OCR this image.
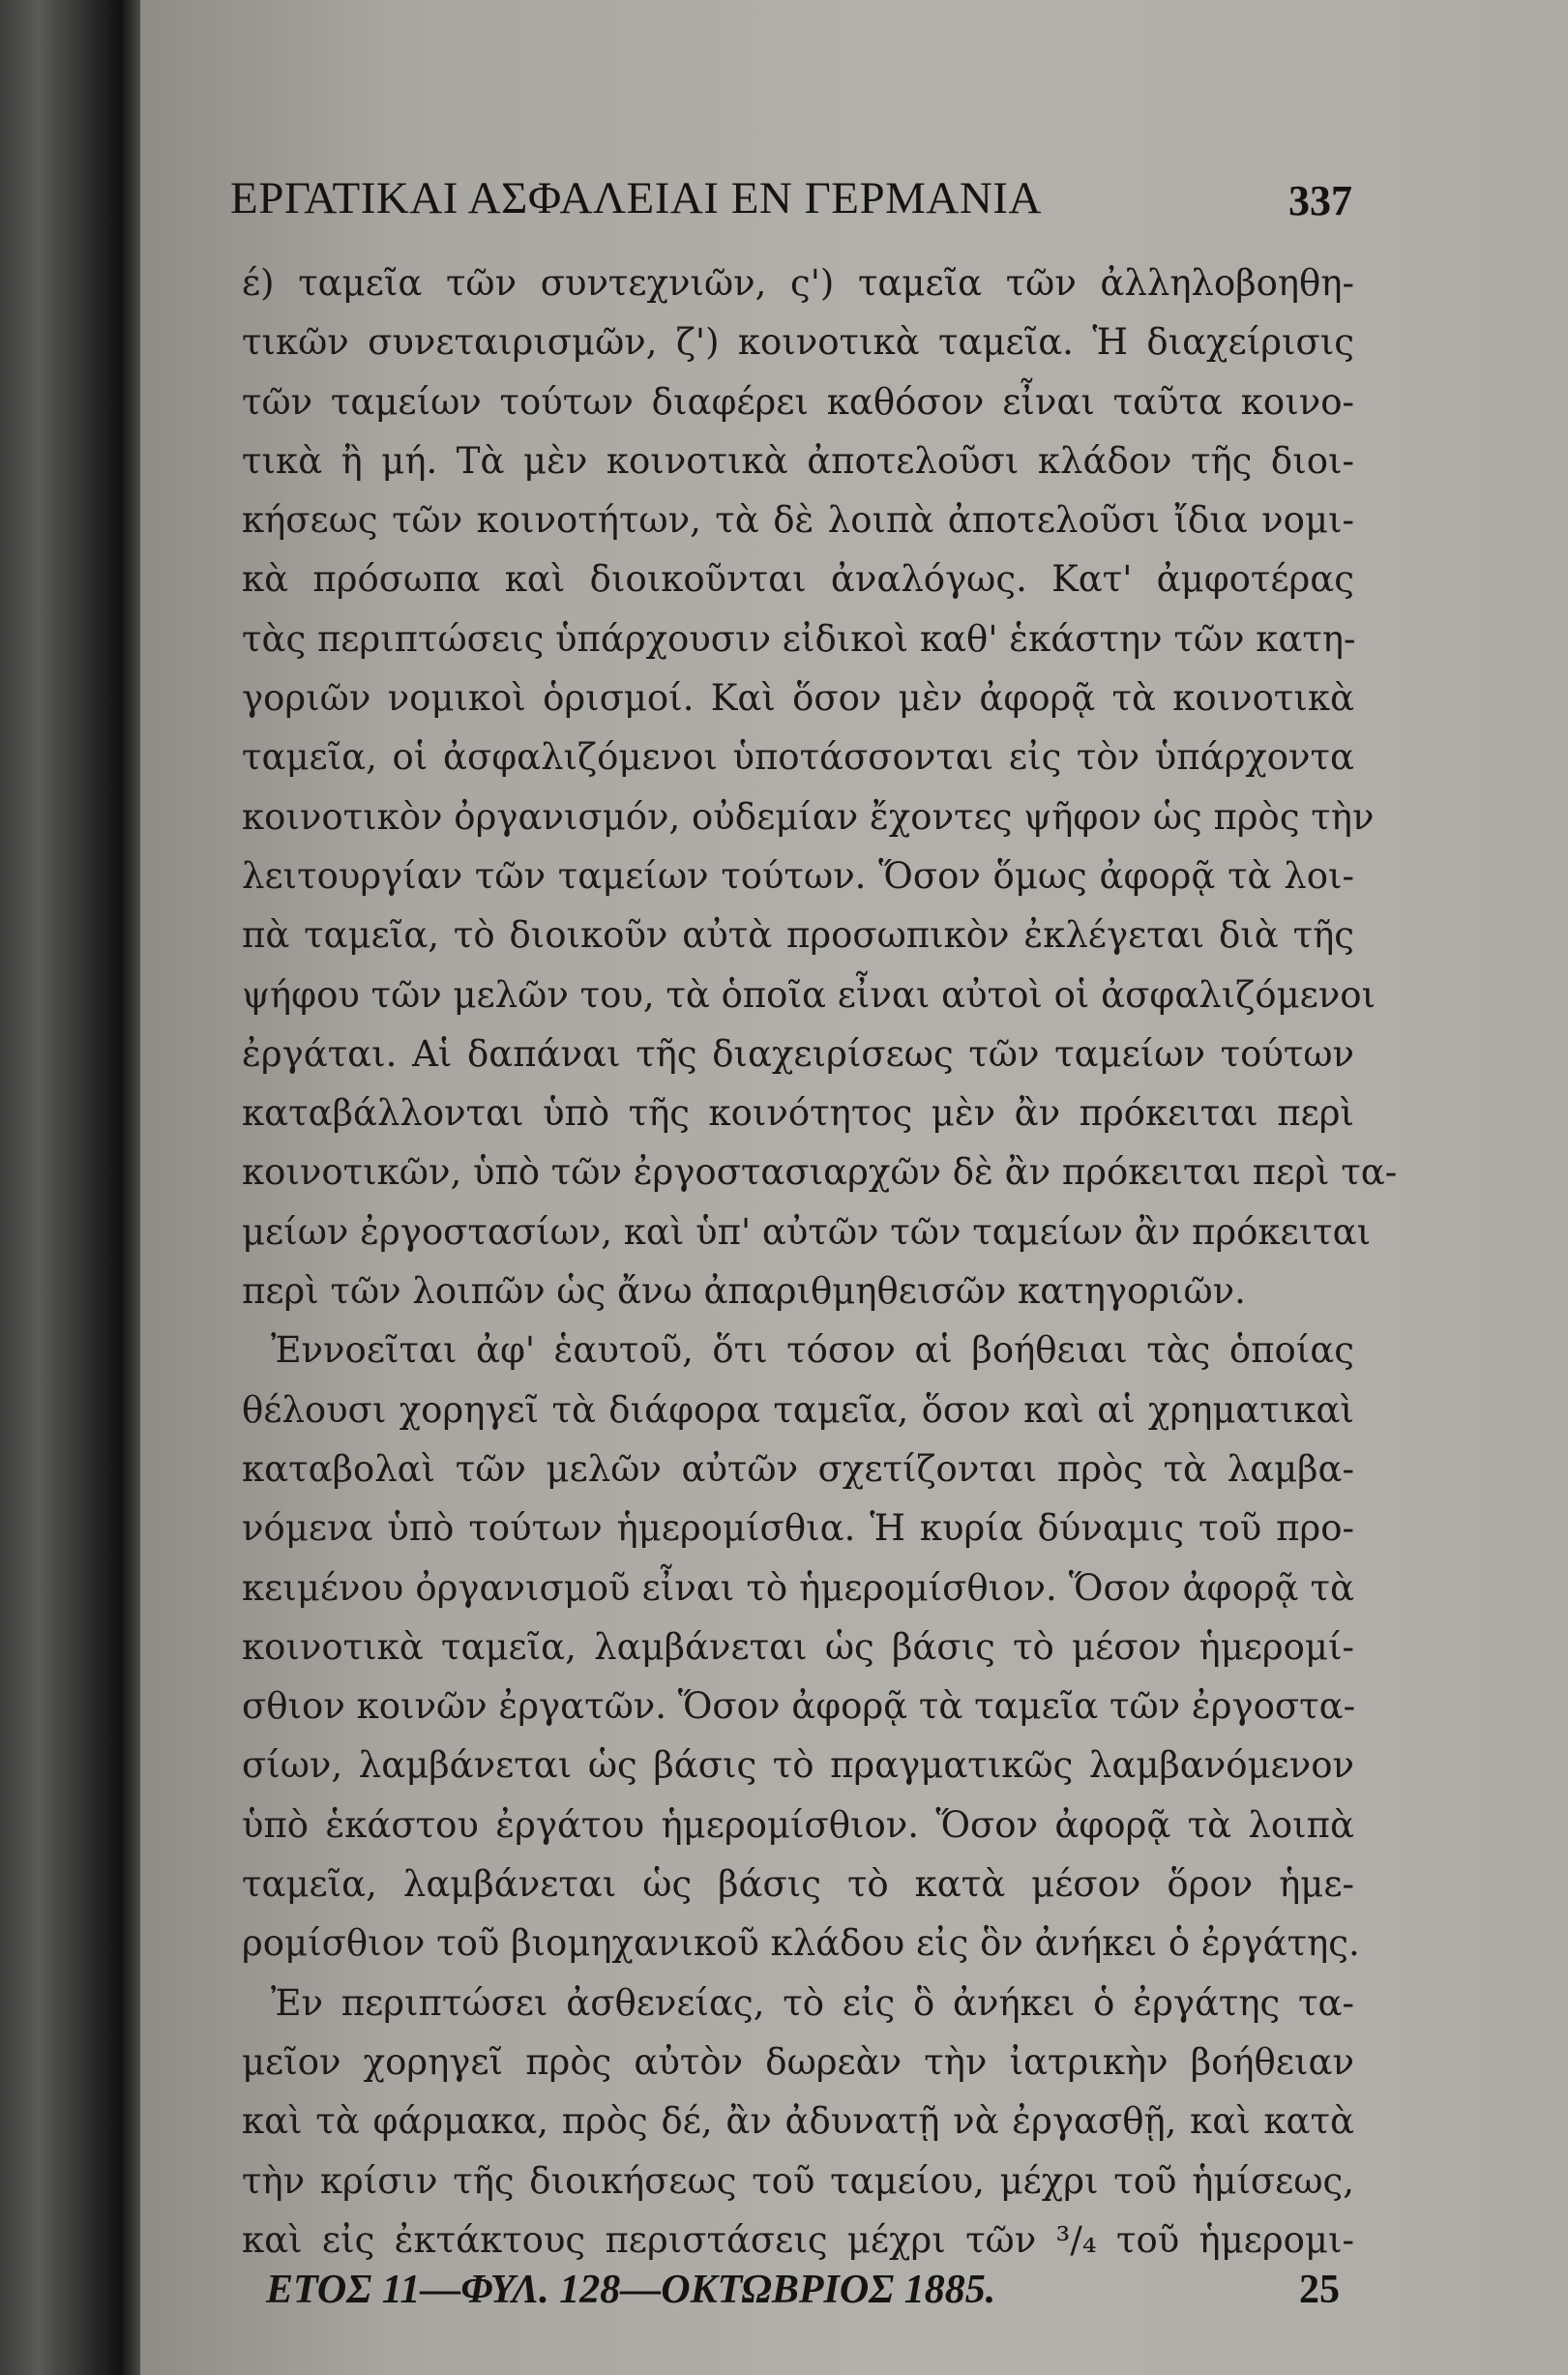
ΕΡΓΑΤΙΚΑΙ ΑΣΦΑΛΕΙΑΙ ΕΝ ΓΕΡΜΑΝΙΑ	337
έ) ταμεῖα τῶν συντεχνιῶν, ς') ταμεῖα τῶν ἀλληλοβοηθη-
τικῶν συνεταιρισμῶν, ζ') κοινοτικὰ ταμεῖα. Ἡ διαχείρισις
τῶν ταμείων τούτων διαφέρει καθόσον εἶναι ταῦτα κοινο-
τικὰ ἢ μή. Τὰ μὲν κοινοτικὰ ἀποτελοῦσι κλάδον τῆς διοι-
κήσεως τῶν κοινοτήτων, τὰ δὲ λοιπὰ ἀποτελοῦσι ἴδια νομι-
κὰ πρόσωπα καὶ διοικοῦνται ἀναλόγως. Κατ' ἀμφοτέρας
τὰς περιπτώσεις ὑπάρχουσιν εἰδικοὶ καθ' ἑκάστην τῶν κατη-
γοριῶν νομικοὶ ὁρισμοί. Καὶ ὅσον μὲν ἀφορᾷ τὰ κοινοτικὰ
ταμεῖα, οἱ ἀσφαλιζόμενοι ὑποτάσσονται εἰς τὸν ὑπάρχοντα
κοινοτικὸν ὀργανισμόν, οὐδεμίαν ἔχοντες ψῆφον ὡς πρὸς τὴν
λειτουργίαν τῶν ταμείων τούτων. Ὅσον ὅμως ἀφορᾷ τὰ λοι-
πὰ ταμεῖα, τὸ διοικοῦν αὐτὰ προσωπικὸν ἐκλέγεται διὰ τῆς
ψήφου τῶν μελῶν του, τὰ ὁποῖα εἶναι αὐτοὶ οἱ ἀσφαλιζόμενοι
ἐργάται. Αἱ δαπάναι τῆς διαχειρίσεως τῶν ταμείων τούτων
καταβάλλονται ὑπὸ τῆς κοινότητος μὲν ἂν πρόκειται περὶ
κοινοτικῶν, ὑπὸ τῶν ἐργοστασιαρχῶν δὲ ἂν πρόκειται περὶ τα-
μείων ἐργοστασίων, καὶ ὑπ' αὐτῶν τῶν ταμείων ἂν πρόκειται
περὶ τῶν λοιπῶν ὡς ἄνω ἀπαριθμηθεισῶν κατηγοριῶν.
Ἐννοεῖται ἀφ' ἑαυτοῦ, ὅτι τόσον αἱ βοήθειαι τὰς ὁποίας
θέλουσι χορηγεῖ τὰ διάφορα ταμεῖα, ὅσον καὶ αἱ χρηματικαὶ
καταβολαὶ τῶν μελῶν αὐτῶν σχετίζονται πρὸς τὰ λαμβα-
νόμενα ὑπὸ τούτων ἡμερομίσθια. Ἡ κυρία δύναμις τοῦ προ-
κειμένου ὀργανισμοῦ εἶναι τὸ ἡμερομίσθιον. Ὅσον ἀφορᾷ τὰ
κοινοτικὰ ταμεῖα, λαμβάνεται ὡς βάσις τὸ μέσον ἡμερομί-
σθιον κοινῶν ἐργατῶν. Ὅσον ἀφορᾷ τὰ ταμεῖα τῶν ἐργοστα-
σίων, λαμβάνεται ὡς βάσις τὸ πραγματικῶς λαμβανόμενον
ὑπὸ ἑκάστου ἐργάτου ἡμερομίσθιον. Ὅσον ἀφορᾷ τὰ λοιπὰ
ταμεῖα, λαμβάνεται ὡς βάσις τὸ κατὰ μέσον ὅρον ἡμε-
ρομίσθιον τοῦ βιομηχανικοῦ κλάδου εἰς ὃν ἀνήκει ὁ ἐργάτης.
Ἐν περιπτώσει ἀσθενείας, τὸ εἰς ὃ ἀνήκει ὁ ἐργάτης τα-
μεῖον χορηγεῖ πρὸς αὐτὸν δωρεὰν τὴν ἰατρικὴν βοήθειαν
καὶ τὰ φάρμακα, πρὸς δέ, ἂν ἀδυνατῇ νὰ ἐργασθῇ, καὶ κατὰ
τὴν κρίσιν τῆς διοικήσεως τοῦ ταμείου, μέχρι τοῦ ἡμίσεως,
καὶ εἰς ἐκτάκτους περιστάσεις μέχρι τῶν ³/₄ τοῦ ἡμερομι-
ΕΤΟΣ 11—ΦΥΛ. 128—ΟΚΤΩΒΡΙΟΣ 1885.	25
